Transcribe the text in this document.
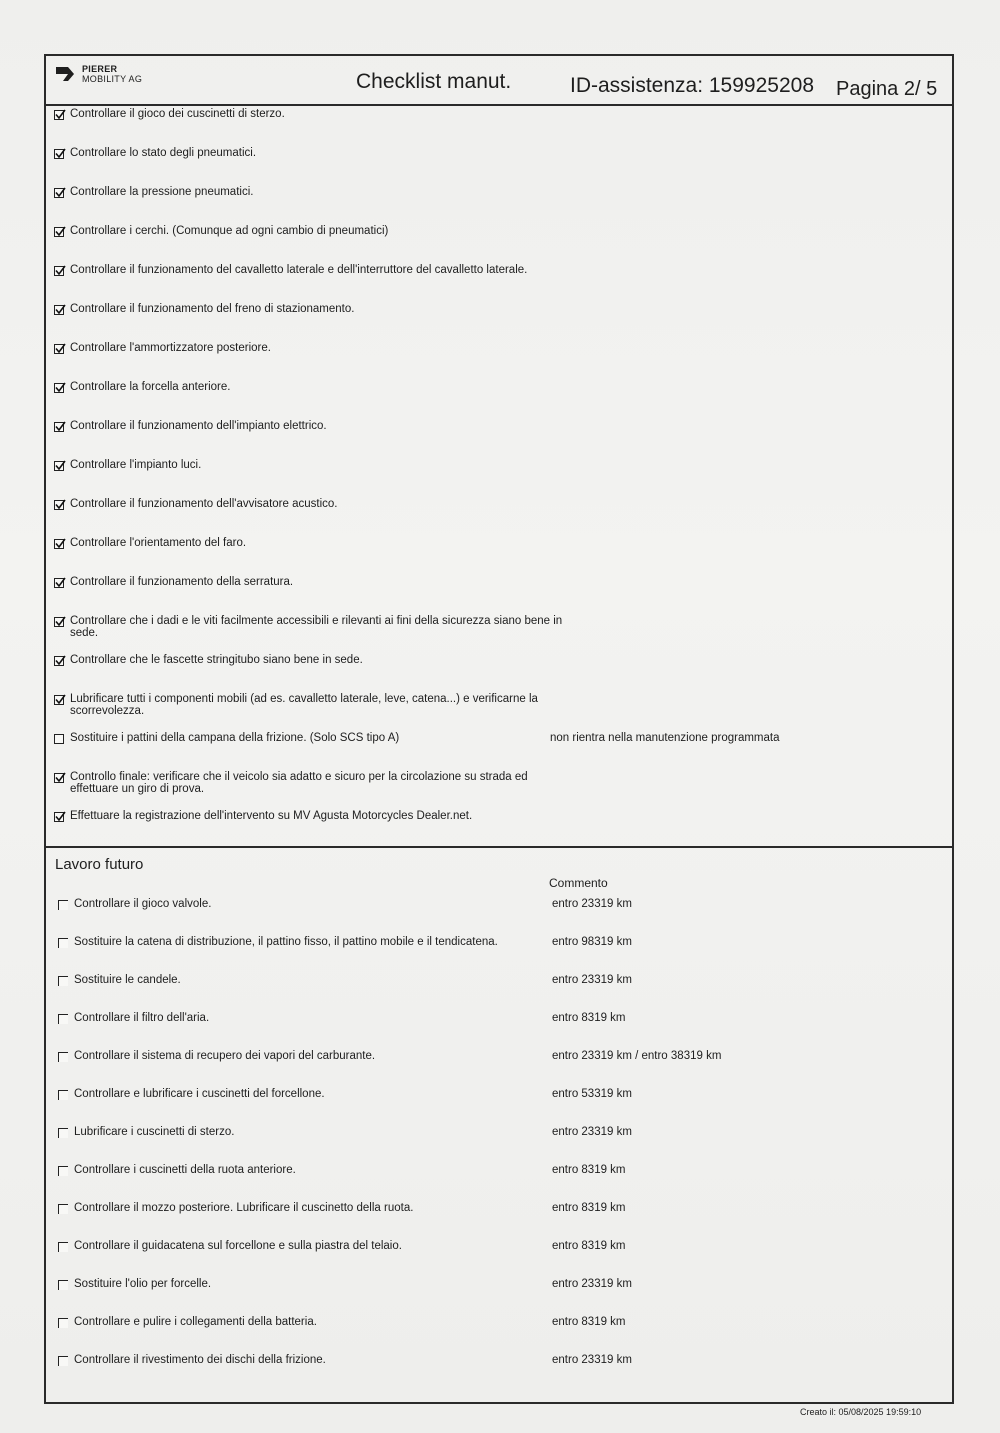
PIERER
MOBILITY AG	Checklist manut.	ID-assistenza: 159925208 Pagina 2/ 5
Controllare il gioco dei cuscinetti di sterzo.
Controllare lo stato degli pneumatici.
Controllare la pressione pneumatici.
Controllare i cerchi. (Comunque ad ogni cambio di pneumatici)
Controllare il funzionamento del cavalletto laterale e dell'interruttore del cavalletto laterale.
Controllare il funzionamento del freno di stazionamento.
Controllare l'ammortizzatore posteriore.
Controllare la forcella anteriore.
Controllare il funzionamento dell'impianto elettrico.
Controllare l'impianto luci.
Controllare il funzionamento dell'avvisatore acustico.
Controllare l'orientamento del faro.
Controllare il funzionamento della serratura.
Controllare che i dadi e le viti facilmente accessibili e rilevanti ai fini della sicurezza siano bene in sede.
Controllare che le fascette stringitubo siano bene in sede.
Lubrificare tutti i componenti mobili (ad es. cavalletto laterale, leve, catena...) e verificarne la scorrevolezza.
Sostituire i pattini della campana della frizione. (Solo SCS tipo A)	non rientra nella manutenzione programmata
Controllo finale: verificare che il veicolo sia adatto e sicuro per la circolazione su strada ed effettuare un giro di prova.
Effettuare la registrazione dell'intervento su MV Agusta Motorcycles Dealer.net.
Lavoro futuro
Commento
Controllare il gioco valvole.	entro 23319 km
Sostituire la catena di distribuzione, il pattino fisso, il pattino mobile e il tendicatena.	entro 98319 km
Sostituire le candele.	entro 23319 km
Controllare il filtro dell'aria.	entro 8319 km
Controllare il sistema di recupero dei vapori del carburante.	entro 23319 km / entro 38319 km
Controllare e lubrificare i cuscinetti del forcellone.	entro 53319 km
Lubrificare i cuscinetti di sterzo.	entro 23319 km
Controllare i cuscinetti della ruota anteriore.	entro 8319 km
Controllare il mozzo posteriore. Lubrificare il cuscinetto della ruota.	entro 8319 km
Controllare il guidacatena sul forcellone e sulla piastra del telaio.	entro 8319 km
Sostituire l'olio per forcelle.	entro 23319 km
Controllare e pulire i collegamenti della batteria.	entro 8319 km
Controllare il rivestimento dei dischi della frizione.	entro 23319 km
Creato il: 05/08/2025 19:59:10
